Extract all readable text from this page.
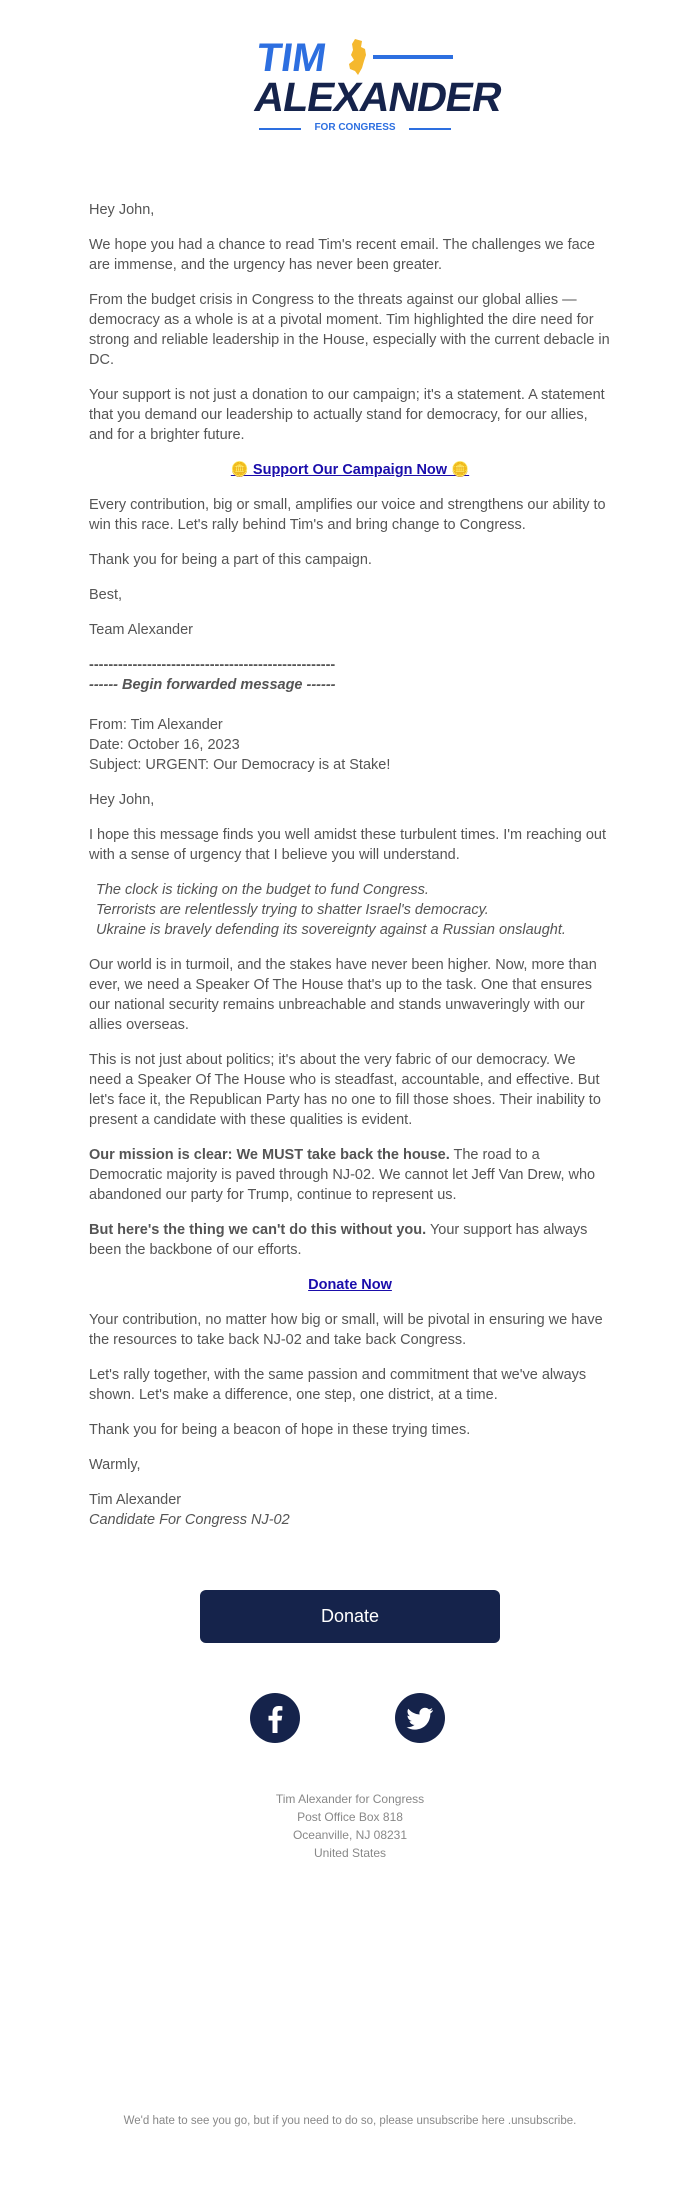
TIM
ALEXANDER
FOR CONGRESS

Hey John,

We hope you had a chance to read Tim's recent email. The challenges we face are immense, and the urgency has never been greater.

From the budget crisis in Congress to the threats against our global allies — democracy as a whole is at a pivotal moment. Tim highlighted the dire need for strong and reliable leadership in the House, especially with the current debacle in DC.

Your support is not just a donation to our campaign; it's a statement. A statement that you demand our leadership to actually stand for democracy, for our allies, and for a brighter future.

🪙 Support Our Campaign Now 🪙

Every contribution, big or small, amplifies our voice and strengthens our ability to win this race. Let's rally behind Tim's and bring change to Congress.

Thank you for being a part of this campaign.

Best,

Team Alexander

---------------------------------------------------

------ Begin forwarded message ------

From: Tim Alexander
Date: October 16, 2023
Subject: URGENT: Our Democracy is at Stake!

Hey John,

I hope this message finds you well amidst these turbulent times. I'm reaching out with a sense of urgency that I believe you will understand.

The clock is ticking on the budget to fund Congress.
Terrorists are relentlessly trying to shatter Israel's democracy.
Ukraine is bravely defending its sovereignty against a Russian onslaught.

Our world is in turmoil, and the stakes have never been higher. Now, more than ever, we need a Speaker Of The House that's up to the task. One that ensures our national security remains unbreachable and stands unwaveringly with our allies overseas.

This is not just about politics; it's about the very fabric of our democracy. We need a Speaker Of The House who is steadfast, accountable, and effective. But let's face it, the Republican Party has no one to fill those shoes. Their inability to present a candidate with these qualities is evident.

Our mission is clear: We MUST take back the house. The road to a Democratic majority is paved through NJ-02. We cannot let Jeff Van Drew, who abandoned our party for Trump, continue to represent us.

But here's the thing we can't do this without you. Your support has always been the backbone of our efforts.

Donate Now

Your contribution, no matter how big or small, will be pivotal in ensuring we have the resources to take back NJ-02 and take back Congress.

Let's rally together, with the same passion and commitment that we've always shown. Let's make a difference, one step, one district, at a time.

Thank you for being a beacon of hope in these trying times.

Warmly,

Tim Alexander
Candidate For Congress NJ-02

Donate
Tim Alexander for Congress
Post Office Box 818
Oceanville, NJ 08231
United States
We'd hate to see you go, but if you need to do so, please unsubscribe here .unsubscribe.
